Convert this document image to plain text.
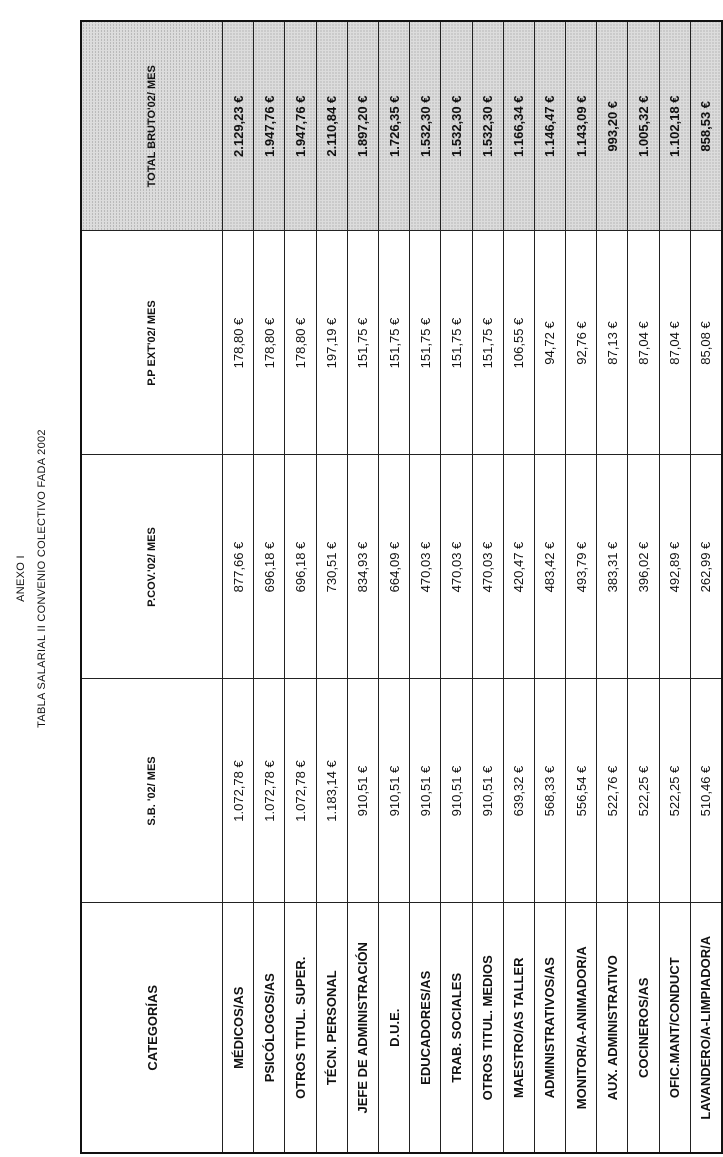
ANEXO I TABLA SALARIAL II CONVENIO COLECTIVO FADA 2002
CATEGORÍAS	S.B. '02/ MES	P.COV.'02/ MES	P.P EXT'02/ MES	TOTAL BRUTO'02/ MES
MÉDICOS/AS	1.072,78 €	877,66 €	178,80 €	2.129,23 €
PSICÓLOGOS/AS	1.072,78 €	696,18 €	178,80 €	1.947,76 €
OTROS TITUL. SUPER.	1.072,78 €	696,18 €	178,80 €	1.947,76 €
TÉCN. PERSONAL	1.183,14 €	730,51 €	197,19 €	2.110,84 €
JEFE DE ADMINISTRACIÓN	910,51 €	834,93 €	151,75 €	1.897,20 €
D.U.E.	910,51 €	664,09 €	151,75 €	1.726,35 €
EDUCADORES/AS	910,51 €	470,03 €	151,75 €	1.532,30 €
TRAB. SOCIALES	910,51 €	470,03 €	151,75 €	1.532,30 €
OTROS TITUL. MEDIOS	910,51 €	470,03 €	151,75 €	1.532,30 €
MAESTRO/AS TALLER	639,32 €	420,47 €	106,55 €	1.166,34 €
ADMINISTRATIVOS/AS	568,33 €	483,42 €	94,72 €	1.146,47 €
MONITOR/A-ANIMADOR/A	556,54 €	493,79 €	92,76 €	1.143,09 €
AUX. ADMINISTRATIVO	522,76 €	383,31 €	87,13 €	993,20 €
COCINEROS/AS	522,25 €	396,02 €	87,04 €	1.005,32 €
OFIC.MANT/CONDUCT	522,25 €	492,89 €	87,04 €	1.102,18 €
LAVANDERO/A-LIMPIADOR/A	510,46 €	262,99 €	85,08 €	858,53 €
